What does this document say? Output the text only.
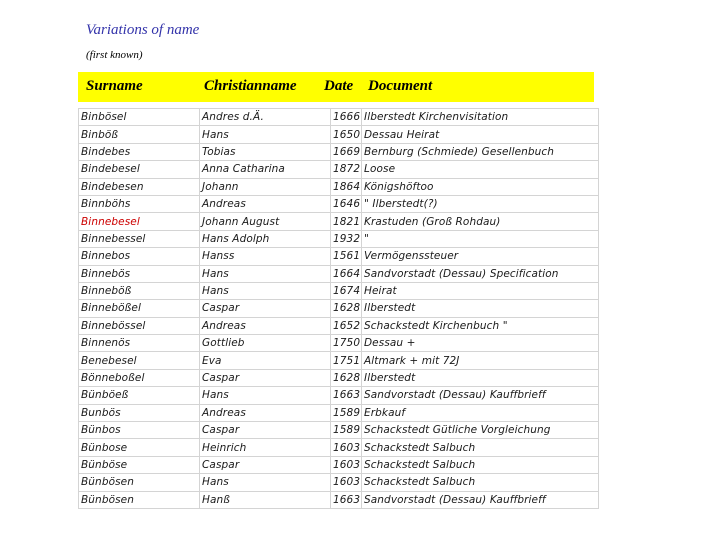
Variations of name
(first known)
Surname	Christianname Date Document
Binbösel	Andres d.Ä.	1666	Ilberstedt Kirchenvisitation
Binböß	Hans	1650	Dessau Heirat
Bindebes	Tobias	1669	Bernburg (Schmiede) Gesellenbuch
Bindebesel	Anna Catharina	1872	Loose
Bindebesen	Johann	1864	Königshöftoo
Binnböhs	Andreas	1646	" Ilberstedt(?)
Binnebesel	Johann August	1821	Krastuden (Groß Rohdau)
Binnebessel	Hans Adolph	1932	"
Binnebos	Hanss	1561	Vermögenssteuer
Binnebös	Hans	1664	Sandvorstadt (Dessau) Specification
Binneböß	Hans	1674	Heirat
Binnebößel	Caspar	1628	Ilberstedt
Binnebössel	Andreas	1652	Schackstedt Kirchenbuch "
Binnenös	Gottlieb	1750	Dessau +
Benebesel	Eva	1751	Altmark + mit 72J
Bönneboßel	Caspar	1628	Ilberstedt
Bünböeß	Hans	1663	Sandvorstadt (Dessau) Kauffbrieff
Bunbös	Andreas	1589	Erbkauf
Bünbos	Caspar	1589	Schackstedt Gütliche Vorgleichung
Bünbose	Heinrich	1603	Schackstedt Salbuch
Bünböse	Caspar	1603	Schackstedt Salbuch
Bünbösen	Hans	1603	Schackstedt Salbuch
Bünbösen	Hanß	1663	Sandvorstadt (Dessau) Kauffbrieff
